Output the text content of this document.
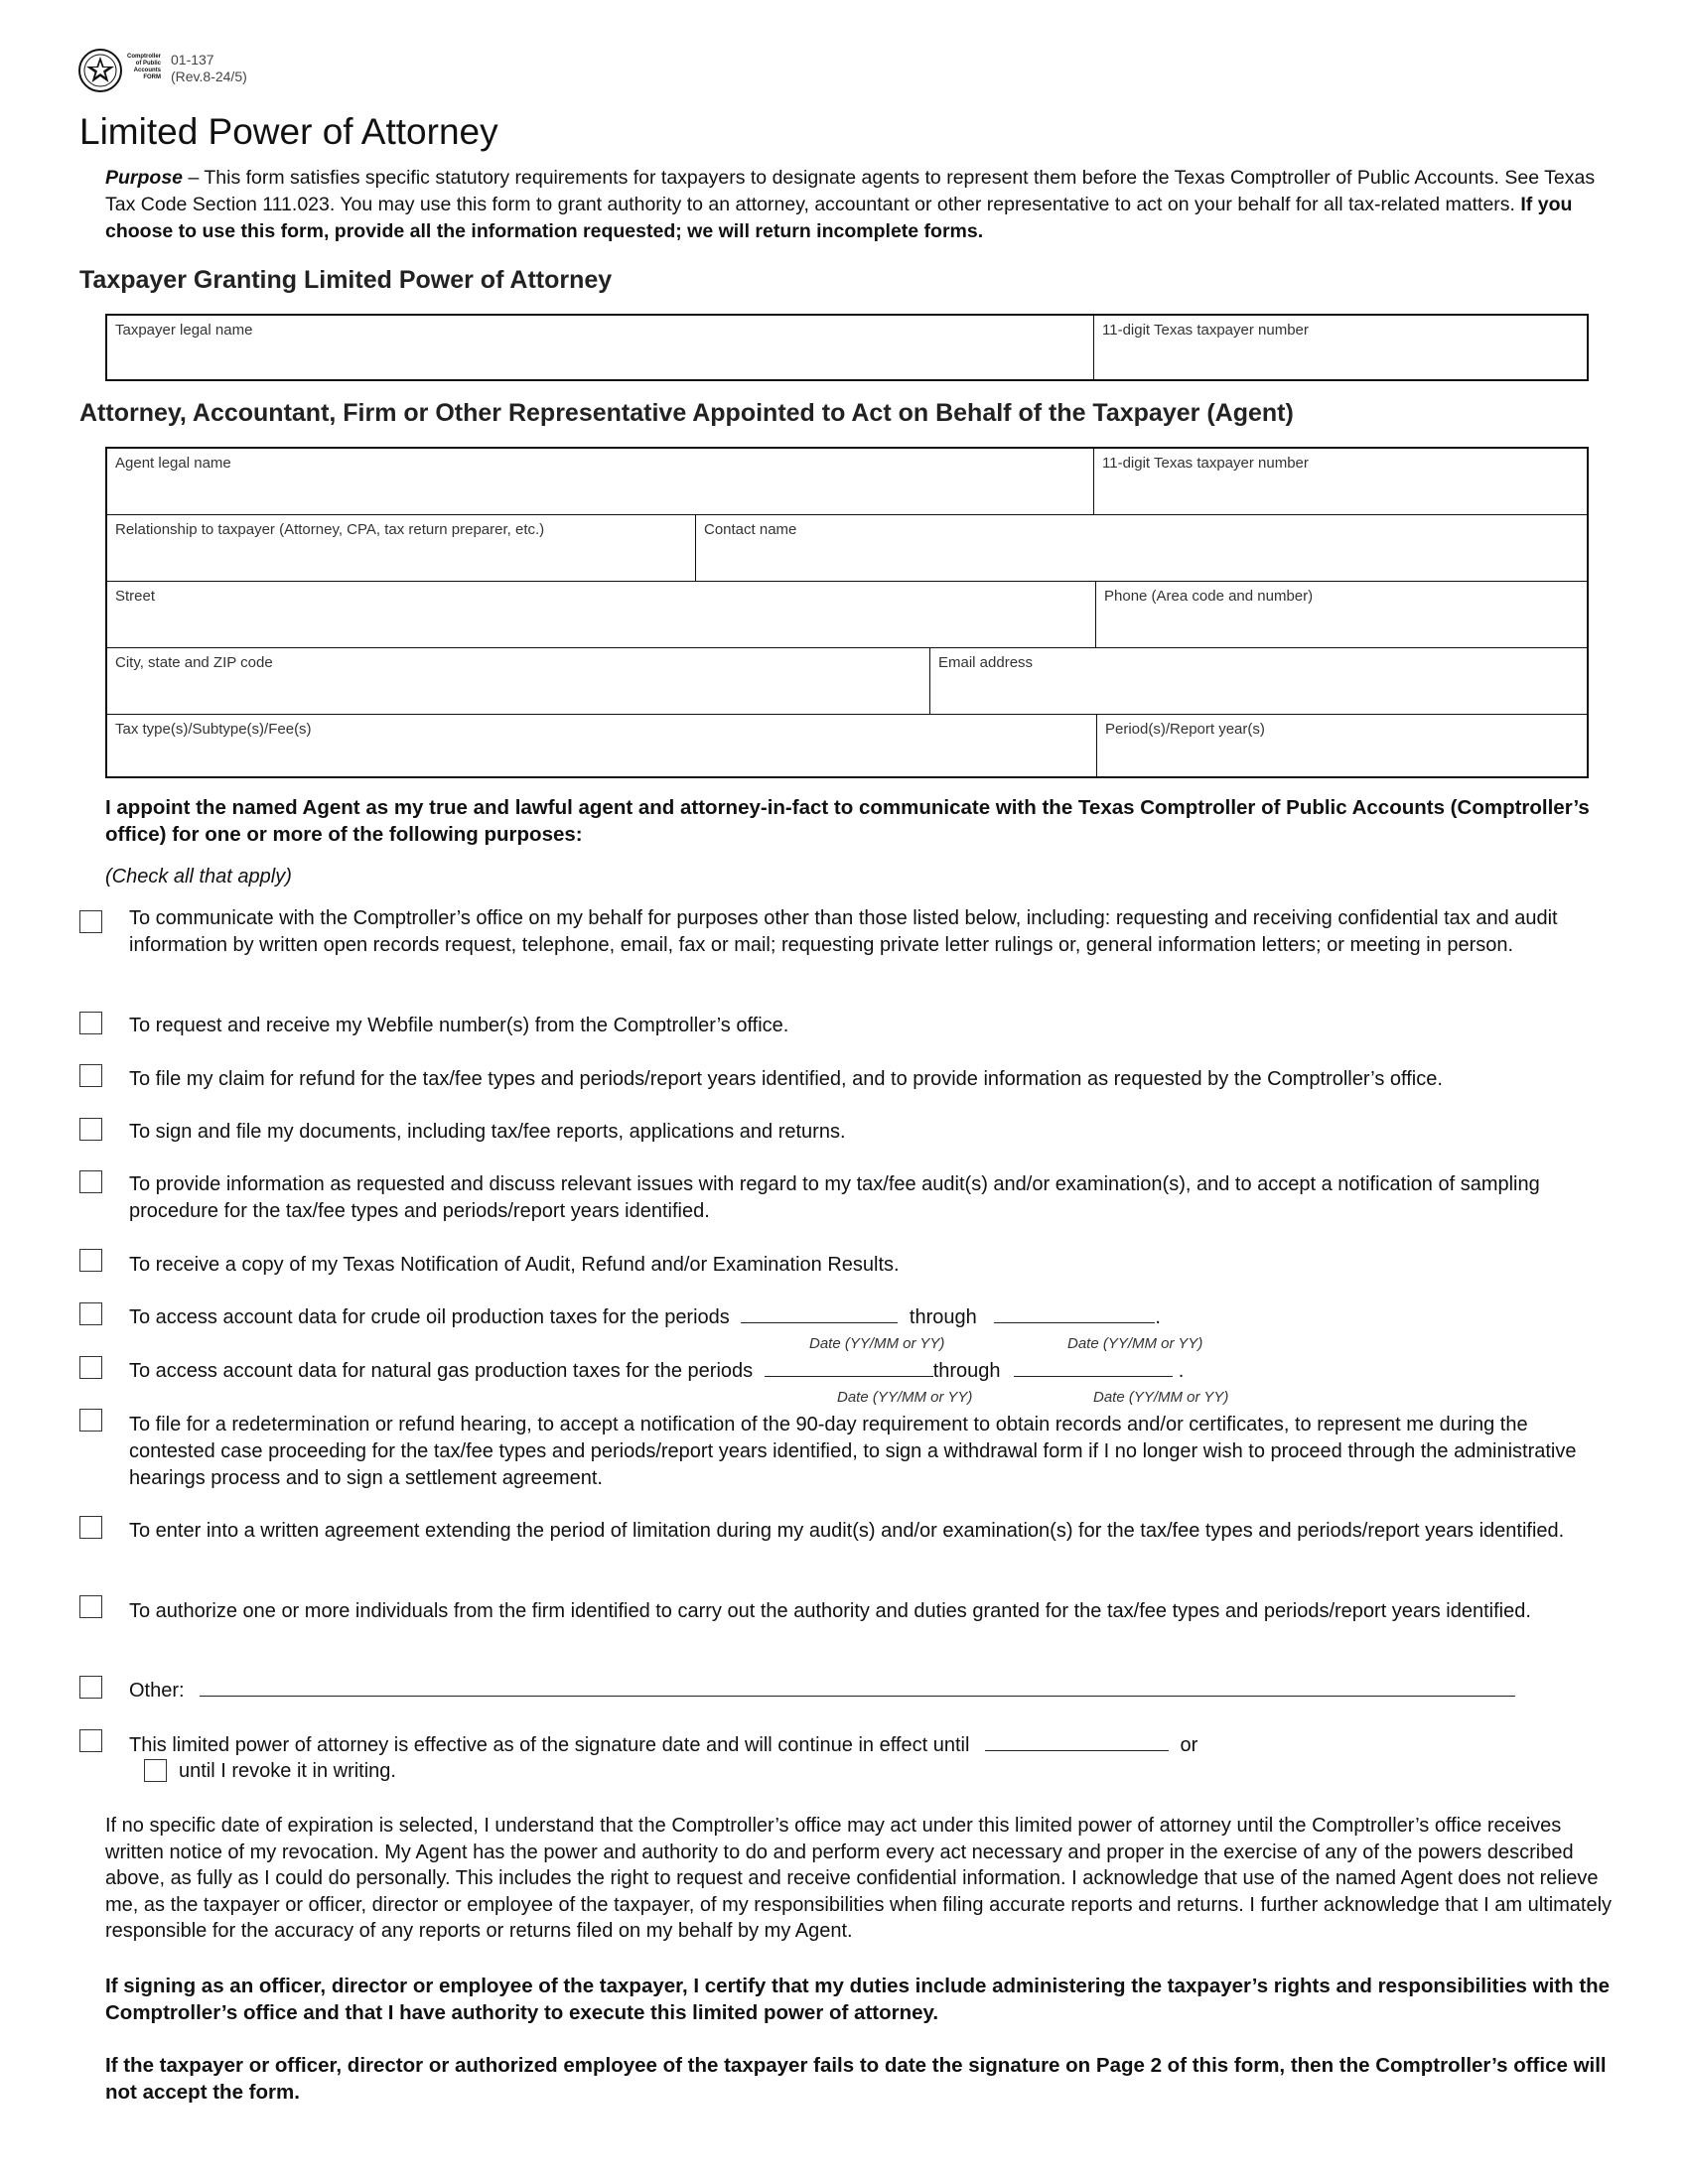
Comptroller of Public Accounts FORM
01-137
(Rev.8-24/5)
Limited Power of Attorney
Purpose – This form satisfies specific statutory requirements for taxpayers to designate agents to represent them before the Texas Comptroller of Public Accounts. See Texas Tax Code Section 111.023. You may use this form to grant authority to an attorney, accountant or other representative to act on your behalf for all tax-related matters. If you choose to use this form, provide all the information requested; we will return incomplete forms.
Taxpayer Granting Limited Power of Attorney
Taxpayer legal name	11-digit Texas taxpayer number
Attorney, Accountant, Firm or Other Representative Appointed to Act on Behalf of the Taxpayer (Agent)
Agent legal name	11-digit Texas taxpayer number
Relationship to taxpayer (Attorney, CPA, tax return preparer, etc.)	Contact name
Street	Phone (Area code and number)
City, state and ZIP code	Email address
Tax type(s)/Subtype(s)/Fee(s)	Period(s)/Report year(s)
I appoint the named Agent as my true and lawful agent and attorney-in-fact to communicate with the Texas Comptroller of Public Accounts (Comptroller’s office) for one or more of the following purposes:
(Check all that apply)
To communicate with the Comptroller’s office on my behalf for purposes other than those listed below, including: requesting and receiving confidential tax and audit information by written open records request, telephone, email, fax or mail; requesting private letter rulings or, general information letters; or meeting in person.
To request and receive my Webfile number(s) from the Comptroller’s office.
To file my claim for refund for the tax/fee types and periods/report years identified, and to provide information as requested by the Comptroller’s office.
To sign and file my documents, including tax/fee reports, applications and returns.
To provide information as requested and discuss relevant issues with regard to my tax/fee audit(s) and/or examination(s), and to accept a notification of sampling procedure for the tax/fee types and periods/report years identified.
To receive a copy of my Texas Notification of Audit, Refund and/or Examination Results.
To access account data for crude oil production taxes for the periods	through	.
Date (YY/MM or YY)	Date (YY/MM or YY)
To access account data for natural gas production taxes for the periods	through	.
Date (YY/MM or YY)	Date (YY/MM or YY)
To file for a redetermination or refund hearing, to accept a notification of the 90-day requirement to obtain records and/or certificates, to represent me during the contested case proceeding for the tax/fee types and periods/report years identified, to sign a withdrawal form if I no longer wish to proceed through the administrative hearings process and to sign a settlement agreement.
To enter into a written agreement extending the period of limitation during my audit(s) and/or examination(s) for the tax/fee types and periods/report years identified.
To authorize one or more individuals from the firm identified to carry out the authority and duties granted for the tax/fee types and periods/report years identified.
Other:
This limited power of attorney is effective as of the signature date and will continue in effect until	or
until I revoke it in writing.
If no specific date of expiration is selected, I understand that the Comptroller’s office may act under this limited power of attorney until the Comptroller’s office receives written notice of my revocation. My Agent has the power and authority to do and perform every act necessary and proper in the exercise of any of the powers described above, as fully as I could do personally. This includes the right to request and receive confidential information. I acknowledge that use of the named Agent does not relieve me, as the taxpayer or officer, director or employee of the taxpayer, of my responsibilities when filing accurate reports and returns. I further acknowledge that I am ultimately responsible for the accuracy of any reports or returns filed on my behalf by my Agent.
If signing as an officer, director or employee of the taxpayer, I certify that my duties include administering the taxpayer’s rights and responsibilities with the Comptroller’s office and that I have authority to execute this limited power of attorney.
If the taxpayer or officer, director or authorized employee of the taxpayer fails to date the signature on Page 2 of this form, then the Comptroller’s office will not accept the form.
